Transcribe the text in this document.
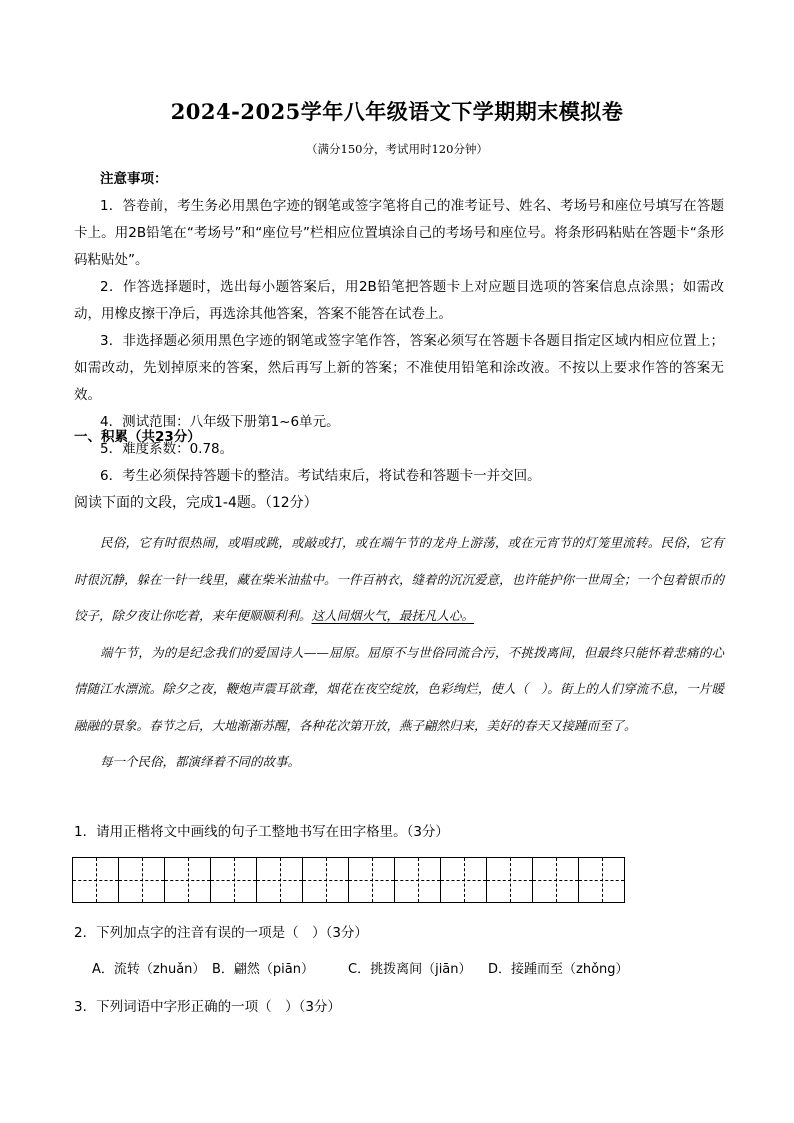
2024-2025学年八年级语文下学期期末模拟卷
（满分150分，考试用时120分钟）
注意事项：
1．答卷前，考生务必用黑色字迹的钢笔或签字笔将自己的准考证号、姓名、考场号和座位号填写在答题卡上。用2B铅笔在“考场号”和“座位号”栏相应位置填涂自己的考场号和座位号。将条形码粘贴在答题卡“条形码粘贴处”。
2．作答选择题时，选出每小题答案后，用2B铅笔把答题卡上对应题目选项的答案信息点涂黑；如需改动，用橡皮擦干净后，再选涂其他答案，答案不能答在试卷上。
3．非选择题必须用黑色字迹的钢笔或签字笔作答，答案必须写在答题卡各题目指定区域内相应位置上；如需改动，先划掉原来的答案，然后再写上新的答案；不准使用铅笔和涂改液。不按以上要求作答的答案无效。
4．测试范围：八年级下册第1~6单元。
5．难度系数：0.78。
6．考生必须保持答题卡的整洁。考试结束后，将试卷和答题卡一并交回。
一、积累（共23分）
阅读下面的文段，完成1-4题。（12分）

民俗，它有时很热闹，或唱或跳，或敲或打，或在端午节的龙舟上游荡，或在元宵节的灯笼里流转。民俗，它有时很沉静，躲在一针一线里，藏在柴米油盐中。一件百衲衣，缝着的沉沉爱意，也许能护你一世周全；一个包着银币的饺子，除夕夜让你吃着，来年便顺顺利利。这人间烟火气，最抚凡人心。

端午节，为的是纪念我们的爱国诗人——屈原。屈原不与世俗同流合污，不挑拨离间，但最终只能怀着悲痛的心情随江水漂流。除夕之夜，鞭炮声震耳欲聋，烟花在夜空绽放，色彩绚烂，使人（　）。街上的人们穿流不息，一片暖融融的景象。春节之后，大地渐渐苏醒，各种花次第开放，燕子翩然归来，美好的春天又接踵而至了。

每一个民俗，都演绎着不同的故事。

1．请用正楷将文中画线的句子工整地书写在田字格里。（3分）
2．下列加点字的注音有误的一项是（　）（3分）
A．流转（zhuǎn） B．翩然（piān）	C．挑拨离间（jiān） D．接踵而至（zhǒng）
3．下列词语中字形正确的一项（　）（3分）
